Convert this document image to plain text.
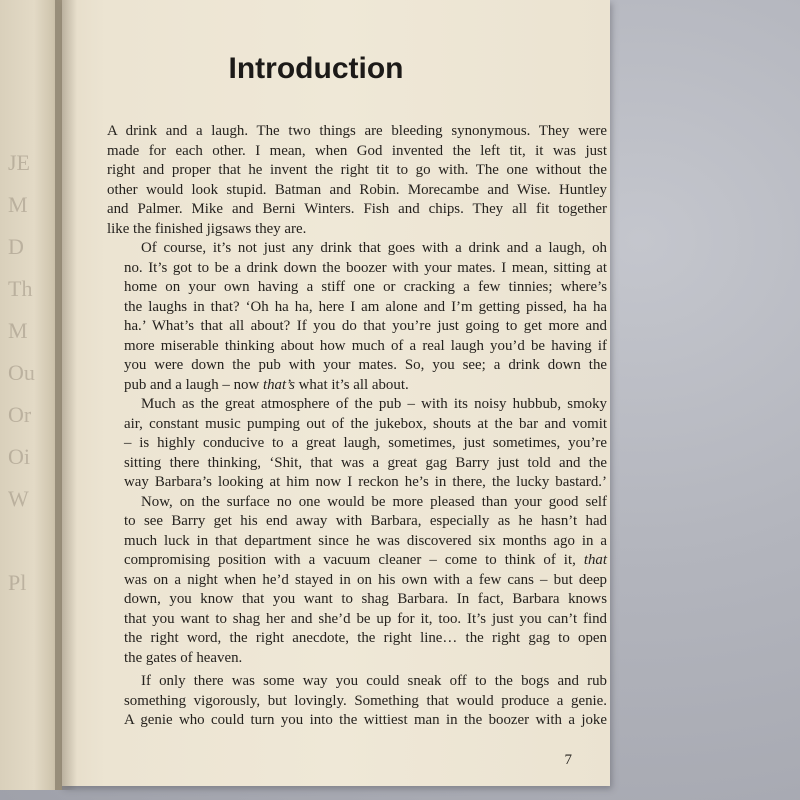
JE
M
D
Th
M
Ou
Or
Oi
W
Pl
Introduction

A drink and a laugh. The two things are bleeding synonymous. They were
made for each other. I mean, when God invented the left tit, it was just
right and proper that he invent the right tit to go with. The one without the
other would look stupid. Batman and Robin. Morecambe and Wise. Huntley
and Palmer. Mike and Berni Winters. Fish and chips. They all fit together
like the finished jigsaws they are.

Of course, it’s not just any drink that goes with a drink and a laugh, oh
no. It’s got to be a drink down the boozer with your mates. I mean, sitting at
home on your own having a stiff one or cracking a few tinnies; where’s
the laughs in that? ‘Oh ha ha, here I am alone and I’m getting pissed, ha ha
ha.’ What’s that all about? If you do that you’re just going to get more and
more miserable thinking about how much of a real laugh you’d be having if
you were down the pub with your mates. So, you see; a drink down the
pub and a laugh – now that’s what it’s all about.

Much as the great atmosphere of the pub – with its noisy hubbub, smoky
air, constant music pumping out of the jukebox, shouts at the bar and vomit
– is highly conducive to a great laugh, sometimes, just sometimes, you’re
sitting there thinking, ‘Shit, that was a great gag Barry just told and the
way Barbara’s looking at him now I reckon he’s in there, the lucky bastard.’

Now, on the surface no one would be more pleased than your good self
to see Barry get his end away with Barbara, especially as he hasn’t had
much luck in that department since he was discovered six months ago in a
compromising position with a vacuum cleaner – come to think of it, that
was on a night when he’d stayed in on his own with a few cans – but deep
down, you know that you want to shag Barbara. In fact, Barbara knows
that you want to shag her and she’d be up for it, too. It’s just you can’t find
the right word, the right anecdote, the right line… the right gag to open
the gates of heaven.

If only there was some way you could sneak off to the bogs and rub
something vigorously, but lovingly. Something that would produce a genie.
A genie who could turn you into the wittiest man in the boozer with a joke

7
